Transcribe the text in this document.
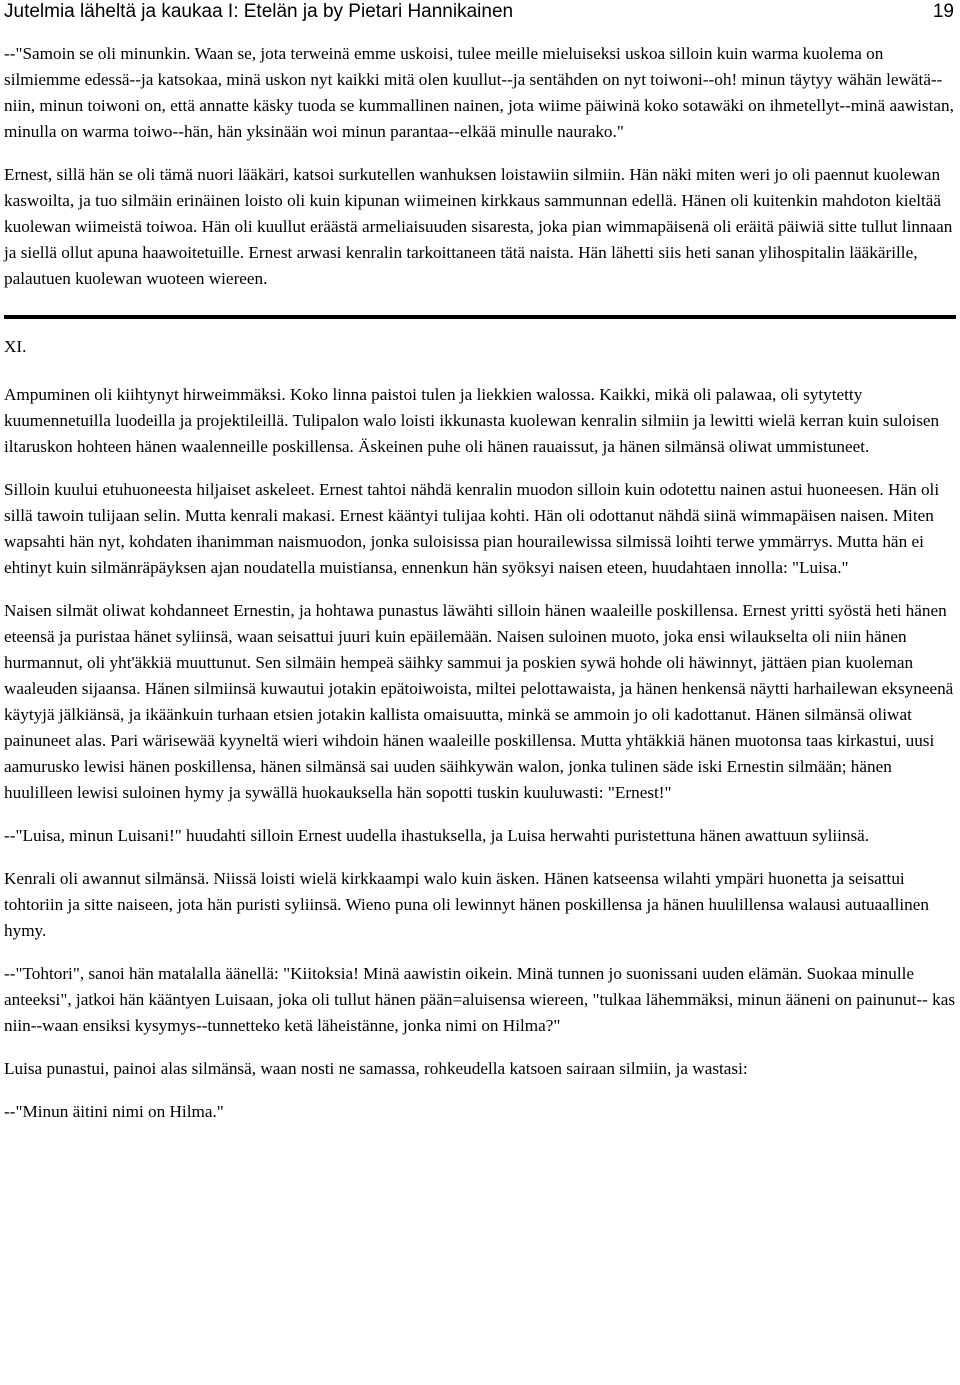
Jutelmia läheltä ja kaukaa I: Etelän ja by Pietari Hannikainen	19

--"Samoin se oli minunkin. Waan se, jota terweinä emme uskoisi, tulee meille mieluiseksi uskoa silloin kuin warma kuolema on silmiemme edessä--ja katsokaa, minä uskon nyt kaikki mitä olen kuullut--ja sentähden on nyt toiwoni--oh! minun täytyy wähän lewätä--niin, minun toiwoni on, että annatte käsky tuoda se kummallinen nainen, jota wiime päiwinä koko sotawäki on ihmetellyt--minä aawistan, minulla on warma toiwo--hän, hän yksinään woi minun parantaa--elkää minulle naurako."

Ernest, sillä hän se oli tämä nuori lääkäri, katsoi surkutellen wanhuksen loistawiin silmiin. Hän näki miten weri jo oli paennut kuolewan kaswoilta, ja tuo silmäin erinäinen loisto oli kuin kipunan wiimeinen kirkkaus sammunnan edellä. Hänen oli kuitenkin mahdoton kieltää kuolewan wiimeistä toiwoa. Hän oli kuullut eräästä armeliaisuuden sisaresta, joka pian wimmapäisenä oli eräitä päiwiä sitte tullut linnaan ja siellä ollut apuna haawoitetuille. Ernest arwasi kenralin tarkoittaneen tätä naista. Hän lähetti siis heti sanan ylihospitalin lääkärille, palautuen kuolewan wuoteen wiereen.

XI.

Ampuminen oli kiihtynyt hirweimmäksi. Koko linna paistoi tulen ja liekkien walossa. Kaikki, mikä oli palawaa, oli sytytetty kuumennetuilla luodeilla ja projektileillä. Tulipalon walo loisti ikkunasta kuolewan kenralin silmiin ja lewitti wielä kerran kuin suloisen iltaruskon hohteen hänen waalenneille poskillensa. Äskeinen puhe oli hänen rauaissut, ja hänen silmänsä oliwat ummistuneet.

Silloin kuului etuhuoneesta hiljaiset askeleet. Ernest tahtoi nähdä kenralin muodon silloin kuin odotettu nainen astui huoneesen. Hän oli sillä tawoin tulijaan selin. Mutta kenrali makasi. Ernest kääntyi tulijaa kohti. Hän oli odottanut nähdä siinä wimmapäisen naisen. Miten wapsahti hän nyt, kohdaten ihanimman naismuodon, jonka suloisissa pian hourailewissa silmissä loihti terwe ymmärrys. Mutta hän ei ehtinyt kuin silmänräpäyksen ajan noudatella muistiansa, ennenkun hän syöksyi naisen eteen, huudahtaen innolla: "Luisa."

Naisen silmät oliwat kohdanneet Ernestin, ja hohtawa punastus läwähti silloin hänen waaleille poskillensa. Ernest yritti syöstä heti hänen eteensä ja puristaa hänet syliinsä, waan seisattui juuri kuin epäilemään. Naisen suloinen muoto, joka ensi wilaukselta oli niin hänen hurmannut, oli yht'äkkiä muuttunut. Sen silmäin hempeä säihky sammui ja poskien sywä hohde oli häwinnyt, jättäen pian kuoleman waaleuden sijaansa. Hänen silmiinsä kuwautui jotakin epätoiwoista, miltei pelottawaista, ja hänen henkensä näytti harhailewan eksyneenä käytyjä jälkiänsä, ja ikäänkuin turhaan etsien jotakin kallista omaisuutta, minkä se ammoin jo oli kadottanut. Hänen silmänsä oliwat painuneet alas. Pari wärisewää kyyneltä wieri wihdoin hänen waaleille poskillensa. Mutta yhtäkkiä hänen muotonsa taas kirkastui, uusi aamurusko lewisi hänen poskillensa, hänen silmänsä sai uuden säihkywän walon, jonka tulinen säde iski Ernestin silmään; hänen huulilleen lewisi suloinen hymy ja sywällä huokauksella hän sopotti tuskin kuuluwasti: "Ernest!"

--"Luisa, minun Luisani!" huudahti silloin Ernest uudella ihastuksella, ja Luisa herwahti puristettuna hänen awattuun syliinsä.

Kenrali oli awannut silmänsä. Niissä loisti wielä kirkkaampi walo kuin äsken. Hänen katseensa wilahti ympäri huonetta ja seisattui tohtoriin ja sitte naiseen, jota hän puristi syliinsä. Wieno puna oli lewinnyt hänen poskillensa ja hänen huulillensa walausi autuaallinen hymy.

--"Tohtori", sanoi hän matalalla äänellä: "Kiitoksia! Minä aawistin oikein. Minä tunnen jo suonissani uuden elämän. Suokaa minulle anteeksi", jatkoi hän kääntyen Luisaan, joka oli tullut hänen pään=aluisensa wiereen, "tulkaa lähemmäksi, minun ääneni on painunut-- kas niin--waan ensiksi kysymys--tunnetteko ketä läheistänne, jonka nimi on Hilma?"

Luisa punastui, painoi alas silmänsä, waan nosti ne samassa, rohkeudella katsoen sairaan silmiin, ja wastasi:

--"Minun äitini nimi on Hilma."
